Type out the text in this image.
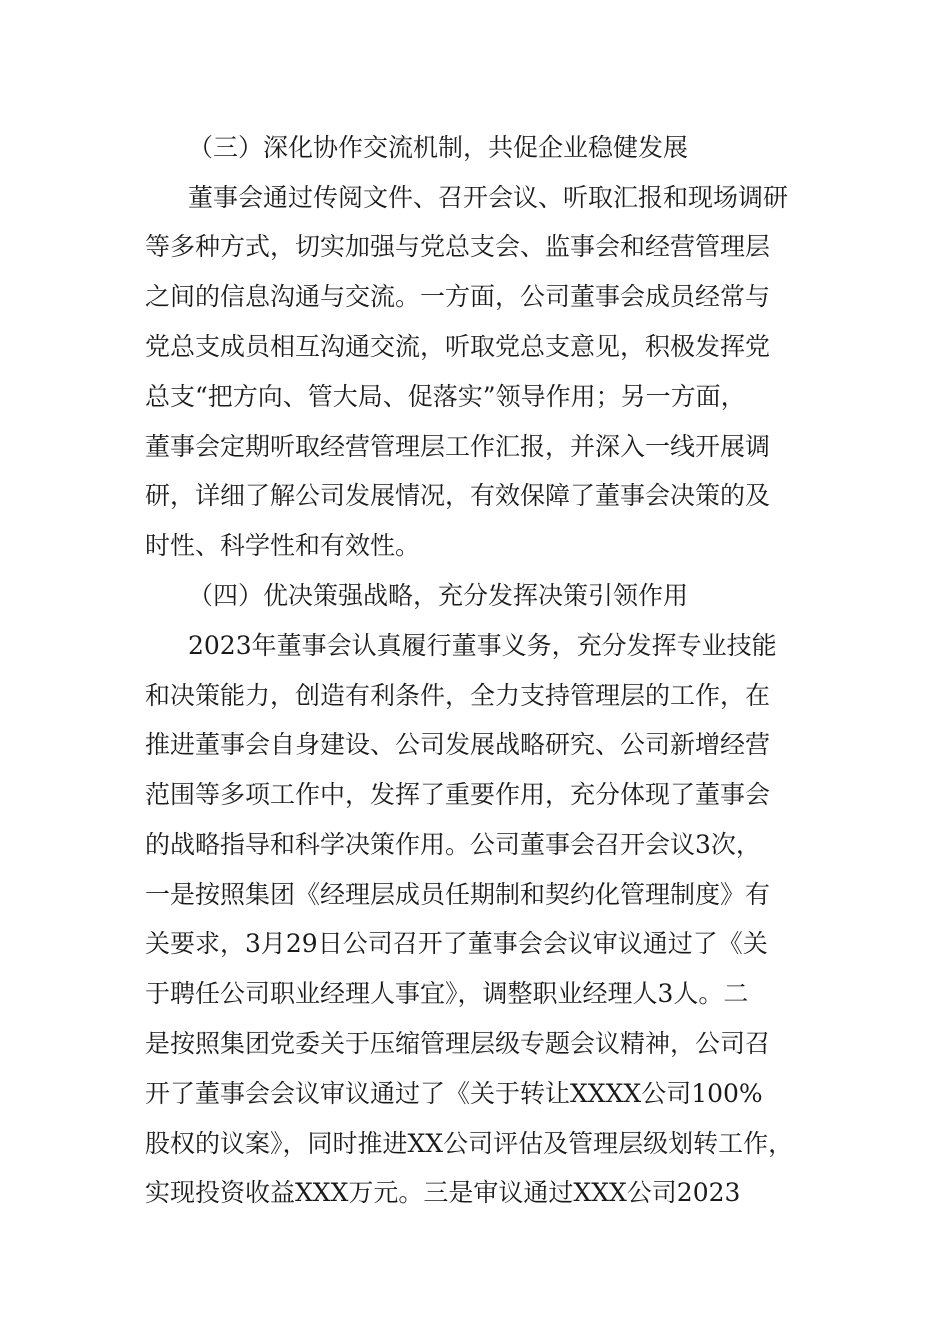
（三）深化协作交流机制，共促企业稳健发展
董事会通过传阅文件、召开会议、听取汇报和现场调研
等多种方式，切实加强与党总支会、监事会和经营管理层
之间的信息沟通与交流。一方面，公司董事会成员经常与
党总支成员相互沟通交流，听取党总支意见，积极发挥党
总支“把方向、管大局、促落实”领导作用；另一方面，
董事会定期听取经营管理层工作汇报，并深入一线开展调
研，详细了解公司发展情况，有效保障了董事会决策的及
时性、科学性和有效性。
（四）优决策强战略，充分发挥决策引领作用
2023年董事会认真履行董事义务，充分发挥专业技能
和决策能力，创造有利条件，全力支持管理层的工作，在
推进董事会自身建设、公司发展战略研究、公司新增经营
范围等多项工作中，发挥了重要作用，充分体现了董事会
的战略指导和科学决策作用。公司董事会召开会议3次，
一是按照集团《经理层成员任期制和契约化管理制度》有
关要求，3月29日公司召开了董事会会议审议通过了《关
于聘任公司职业经理人事宜》，调整职业经理人3人。二
是按照集团党委关于压缩管理层级专题会议精神，公司召
开了董事会会议审议通过了《关于转让XXXX公司100%
股权的议案》，同时推进XX公司评估及管理层级划转工作，
实现投资收益XXX万元。三是审议通过XXX公司2023
